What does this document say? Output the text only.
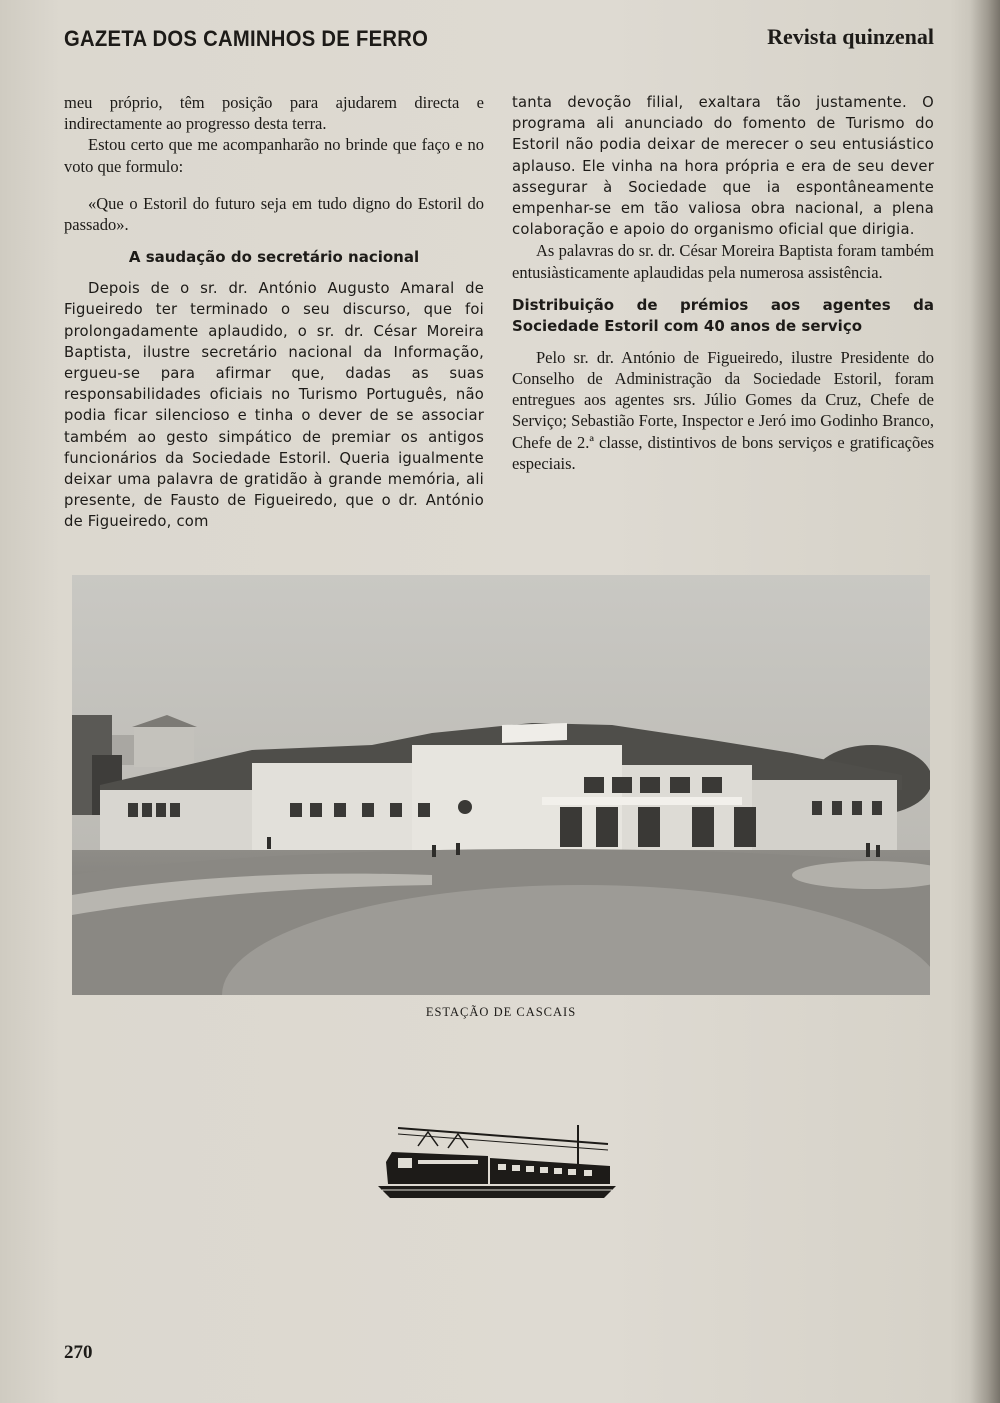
GAZETA DOS CAMINHOS DE FERRO	Revista quinzenal

meu próprio, têm posição para ajudarem directa e indirectamente ao progresso desta terra.

Estou certo que me acompanharão no brinde que faço e no voto que formulo:

«Que o Estoril do futuro seja em tudo digno do Estoril do passado».

A saudação do secretário nacional

Depois de o sr. dr. António Augusto Amaral de Figueiredo ter terminado o seu discurso, que foi prolongadamente aplaudido, o sr. dr. César Moreira Baptista, ilustre secretário nacional da Informação, ergueu-se para afirmar que, dadas as suas responsabilidades oficiais no Turismo Português, não podia ficar silencioso e tinha o dever de se associar também ao gesto simpático de premiar os antigos funcionários da Sociedade Estoril. Queria igualmente deixar uma palavra de gratidão à grande memória, ali presente, de Fausto de Figueiredo, que o dr. António de Figueiredo, com

tanta devoção filial, exaltara tão justamente. O programa ali anunciado do fomento de Turismo do Estoril não podia deixar de merecer o seu entusiástico aplauso. Ele vinha na hora própria e era de seu dever assegurar à Sociedade que ia espontâneamente empenhar-se em tão valiosa obra nacional, a plena colaboração e apoio do organismo oficial que dirigia.

As palavras do sr. dr. César Moreira Baptista foram também entusiàsticamente aplaudidas pela numerosa assistência.

Distribuição de prémios aos agentes da Sociedade Estoril com 40 anos de serviço

Pelo sr. dr. António de Figueiredo, ilustre Presidente do Conselho de Administração da Sociedade Estoril, foram entregues aos agentes srs. Júlio Gomes da Cruz, Chefe de Serviço; Sebastião Forte, Inspector e Jeró imo Godinho Branco, Chefe de 2.ª classe, distintivos de bons serviços e gratificações especiais.

ESTAÇÃO DE CASCAIS
270
